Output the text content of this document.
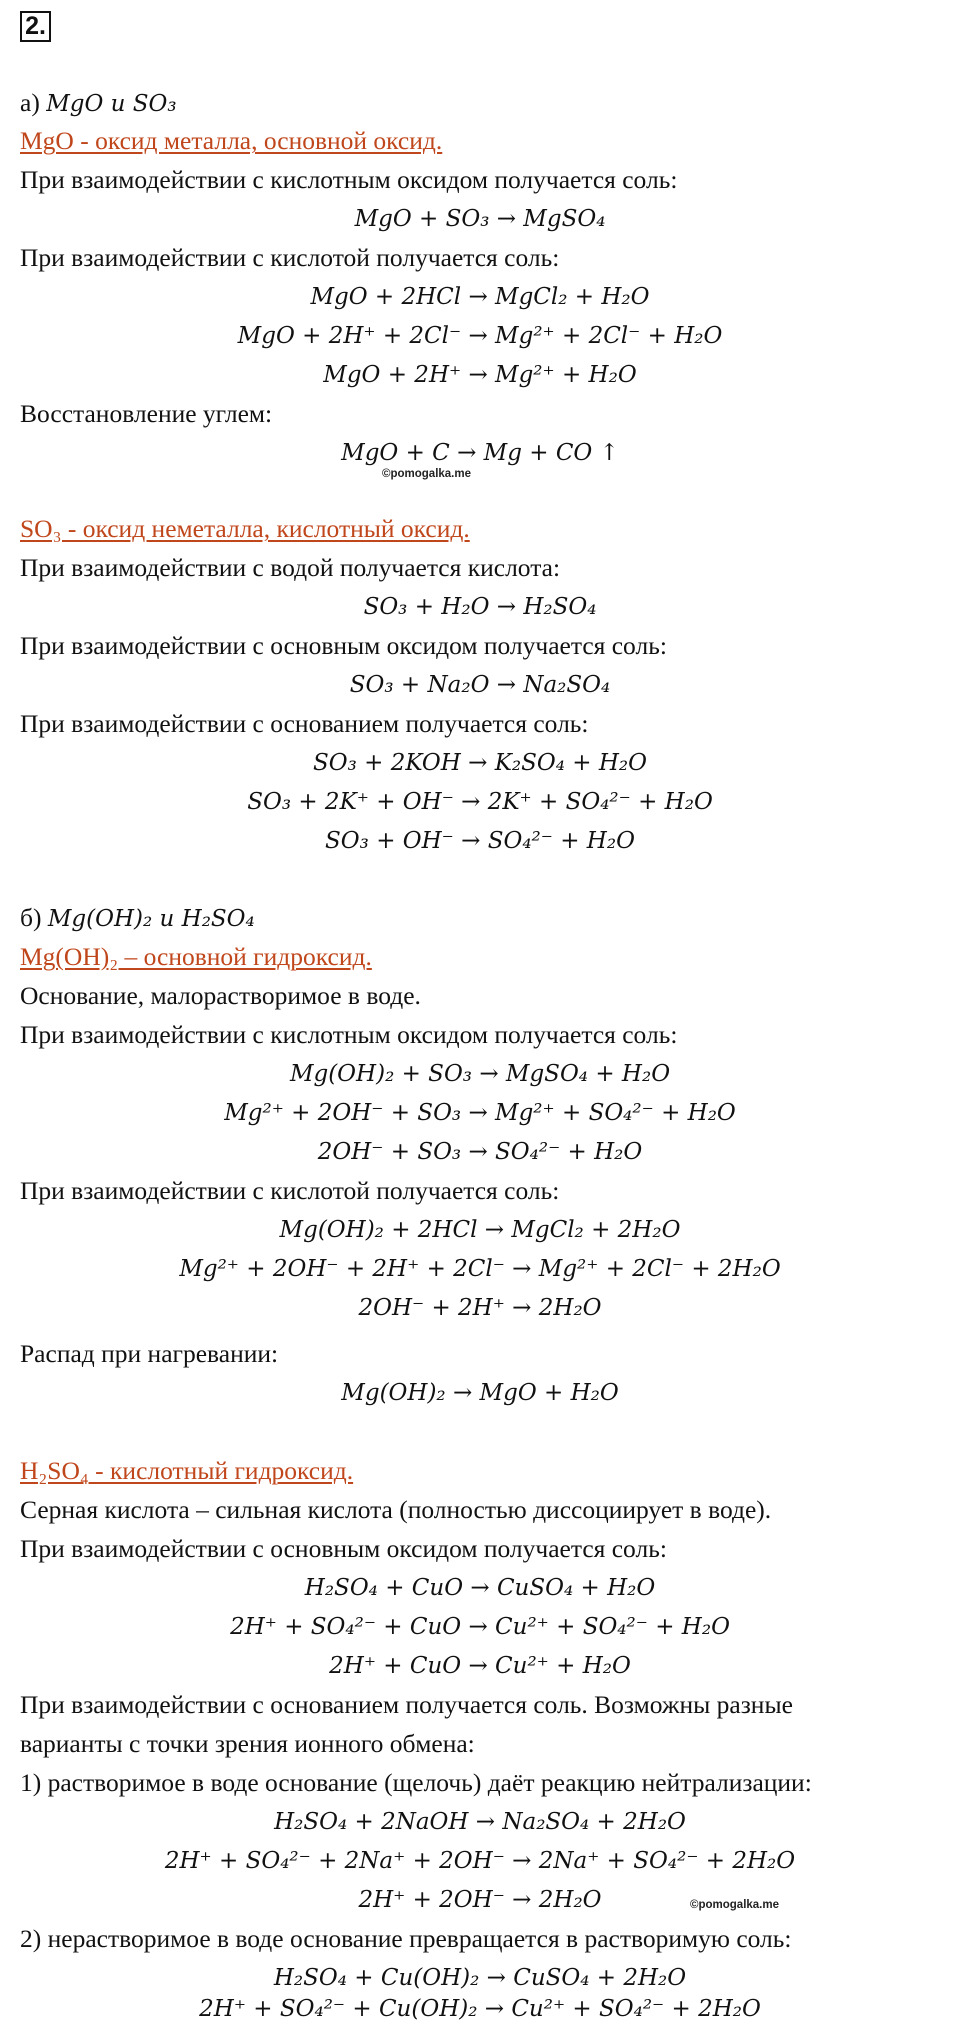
2.
а) MgO и SO₃
MgO - оксид металла, основной оксид.
При взаимодействии с кислотным оксидом получается соль:
MgO + SO₃ → MgSO₄
При взаимодействии с кислотой получается соль:
MgO + 2HCl → MgCl₂ + H₂O
MgO + 2H⁺ + 2Cl⁻ → Mg²⁺ + 2Cl⁻ + H₂O
MgO + 2H⁺ → Mg²⁺ + H₂O
Восстановление углем:
MgO + C → Mg + CO ↑
©pomogalka.me
SO₃ - оксид неметалла, кислотный оксид.
При взаимодействии с водой получается кислота:
SO₃ + H₂O → H₂SO₄
При взаимодействии с основным оксидом получается соль:
SO₃ + Na₂O → Na₂SO₄
При взаимодействии с основанием получается соль:
SO₃ + 2KOH → K₂SO₄ + H₂O
SO₃ + 2K⁺ + OH⁻ → 2K⁺ + SO₄²⁻ + H₂O
SO₃ + OH⁻ → SO₄²⁻ + H₂O
б) Mg(OH)₂ и H₂SO₄
Mg(OH)₂ – основной гидроксид.
Основание, малорастворимое в воде.
При взаимодействии с кислотным оксидом получается соль:
Mg(OH)₂ + SO₃ → MgSO₄ + H₂O
Mg²⁺ + 2OH⁻ + SO₃ → Mg²⁺ + SO₄²⁻ + H₂O
2OH⁻ + SO₃ → SO₄²⁻ + H₂O
При взаимодействии с кислотой получается соль:
Mg(OH)₂ + 2HCl → MgCl₂ + 2H₂O
Mg²⁺ + 2OH⁻ + 2H⁺ + 2Cl⁻ → Mg²⁺ + 2Cl⁻ + 2H₂O
2OH⁻ + 2H⁺ → 2H₂O
Распад при нагревании:
Mg(OH)₂ → MgO + H₂O
H₂SO₄ - кислотный гидроксид.
Серная кислота – сильная кислота (полностью диссоциирует в воде).
При взаимодействии с основным оксидом получается соль:
H₂SO₄ + CuO → CuSO₄ + H₂O
2H⁺ + SO₄²⁻ + CuO → Cu²⁺ + SO₄²⁻ + H₂O
2H⁺ + CuO → Cu²⁺ + H₂O
При взаимодействии с основанием получается соль. Возможны разные
варианты с точки зрения ионного обмена:
1) растворимое в воде основание (щелочь) даёт реакцию нейтрализации:
H₂SO₄ + 2NaOH → Na₂SO₄ + 2H₂O
2H⁺ + SO₄²⁻ + 2Na⁺ + 2OH⁻ → 2Na⁺ + SO₄²⁻ + 2H₂O
2H⁺ + 2OH⁻ → 2H₂O	©pomogalka.me
2) нерастворимое в воде основание превращается в растворимую соль:
H₂SO₄ + Cu(OH)₂ → CuSO₄ + 2H₂O
2H⁺ + SO₄²⁻ + Cu(OH)₂ → Cu²⁺ + SO₄²⁻ + 2H₂O
